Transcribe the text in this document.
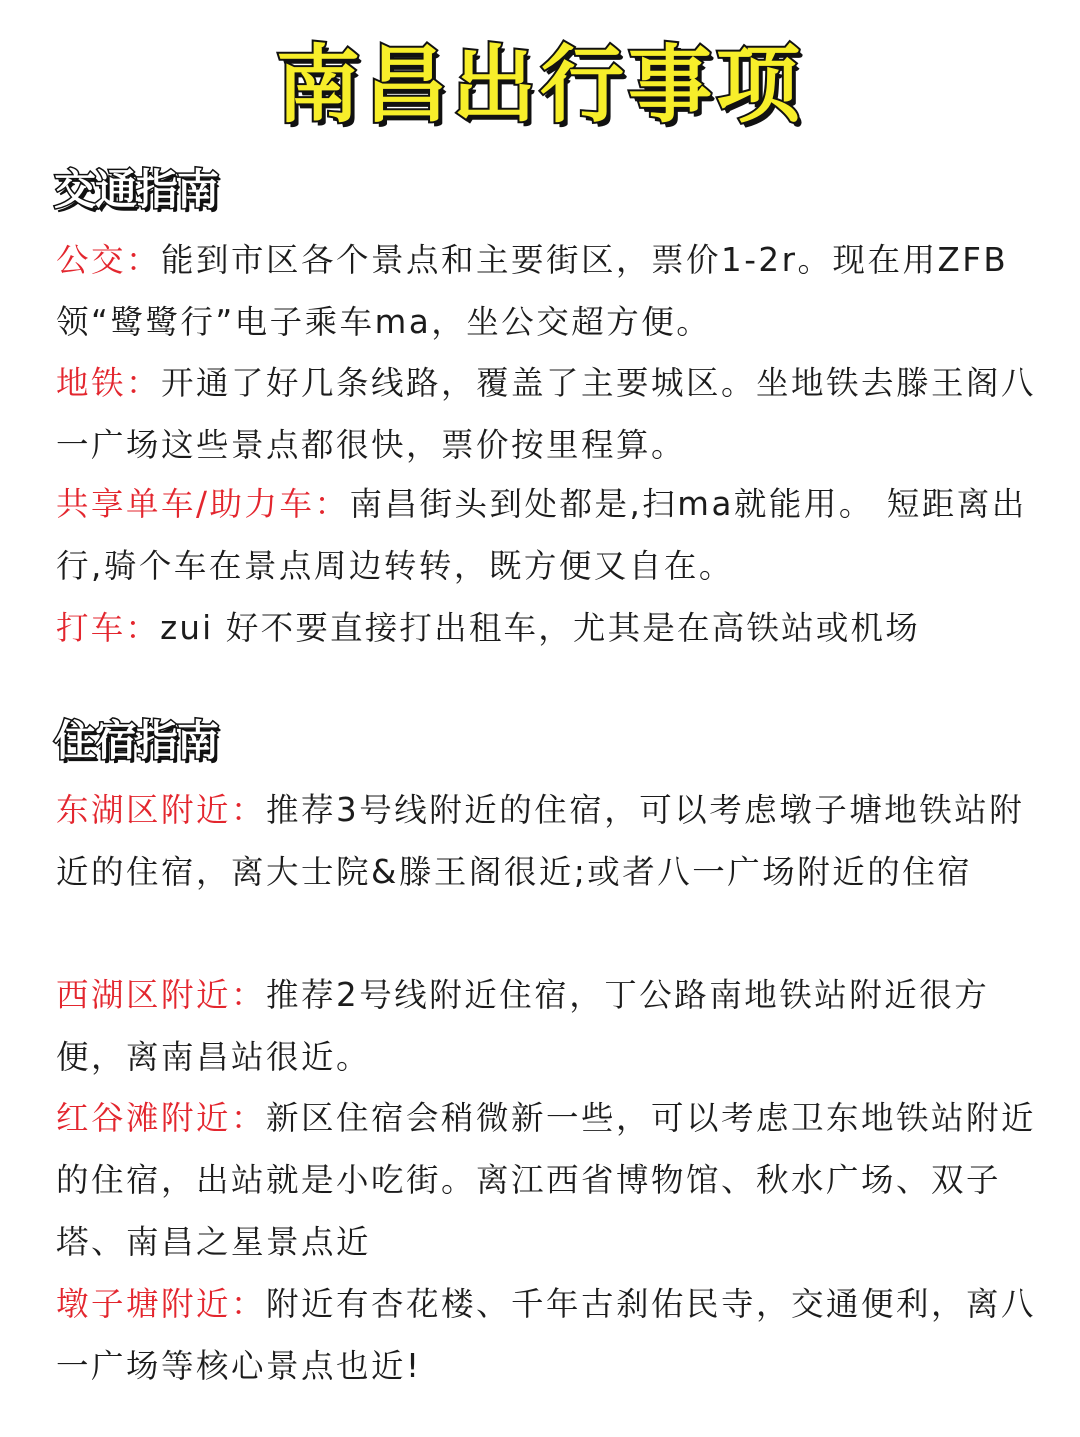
南昌出行事项
交通指南
公交：能到市区各个景点和主要街区，票价1-2r。现在用ZFB 领“鹭鹭行”电子乘车ma，坐公交超方便。
地铁：开通了好几条线路，覆盖了主要城区。坐地铁去滕王阁八一广场这些景点都很快，票价按里程算。
共享单车/助力车：南昌街头到处都是,扫ma就能用。 短距离出行,骑个车在景点周边转转，既方便又自在。
打车：zui 好不要直接打出租车，尤其是在高铁站或机场
住宿指南
东湖区附近：推荐3号线附近的住宿，可以考虑墩子塘地铁站附近的住宿，离大士院&滕王阁很近;或者八一广场附近的住宿
西湖区附近：推荐2号线附近住宿，丁公路南地铁站附近很方便，离南昌站很近。
红谷滩附近：新区住宿会稍微新一些，可以考虑卫东地铁站附近的住宿，出站就是小吃街。离江西省博物馆、秋水广场、双子塔、南昌之星景点近
墩子塘附近：附近有杏花楼、千年古刹佑民寺，交通便利，离八一广场等核心景点也近!
